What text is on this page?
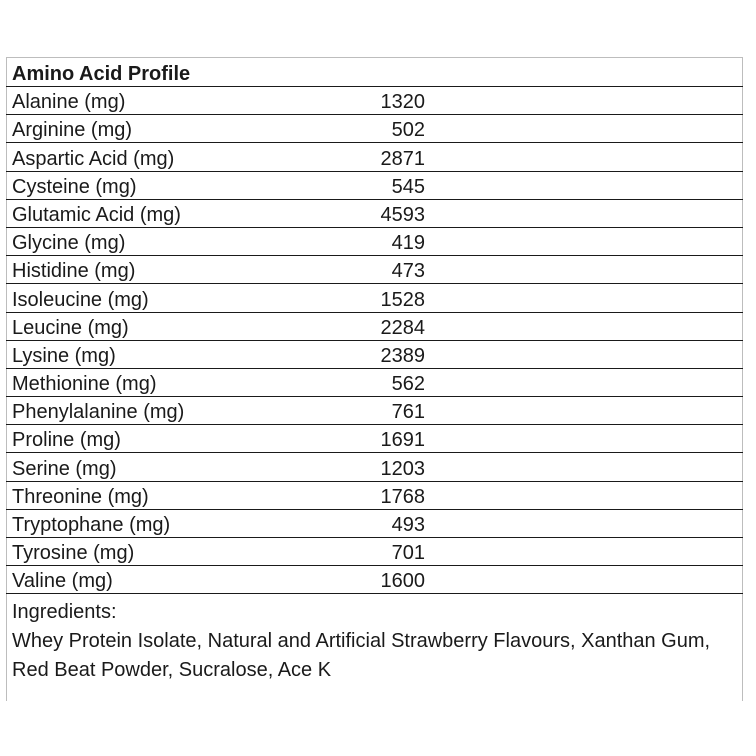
Amino Acid Profile
Alanine (mg)	1320
Arginine (mg)	502
Aspartic Acid (mg)	2871
Cysteine (mg)	545
Glutamic Acid (mg)	4593
Glycine (mg)	419
Histidine (mg)	473
Isoleucine (mg)	1528
Leucine (mg)	2284
Lysine (mg)	2389
Methionine (mg)	562
Phenylalanine (mg)	761
Proline (mg)	1691
Serine (mg)	1203
Threonine (mg)	1768
Tryptophane (mg)	493
Tyrosine (mg)	701
Valine (mg)	1600
Ingredients:
Whey Protein Isolate, Natural and Artificial Strawberry Flavours, Xanthan Gum, Red Beat Powder, Sucralose, Ace K
